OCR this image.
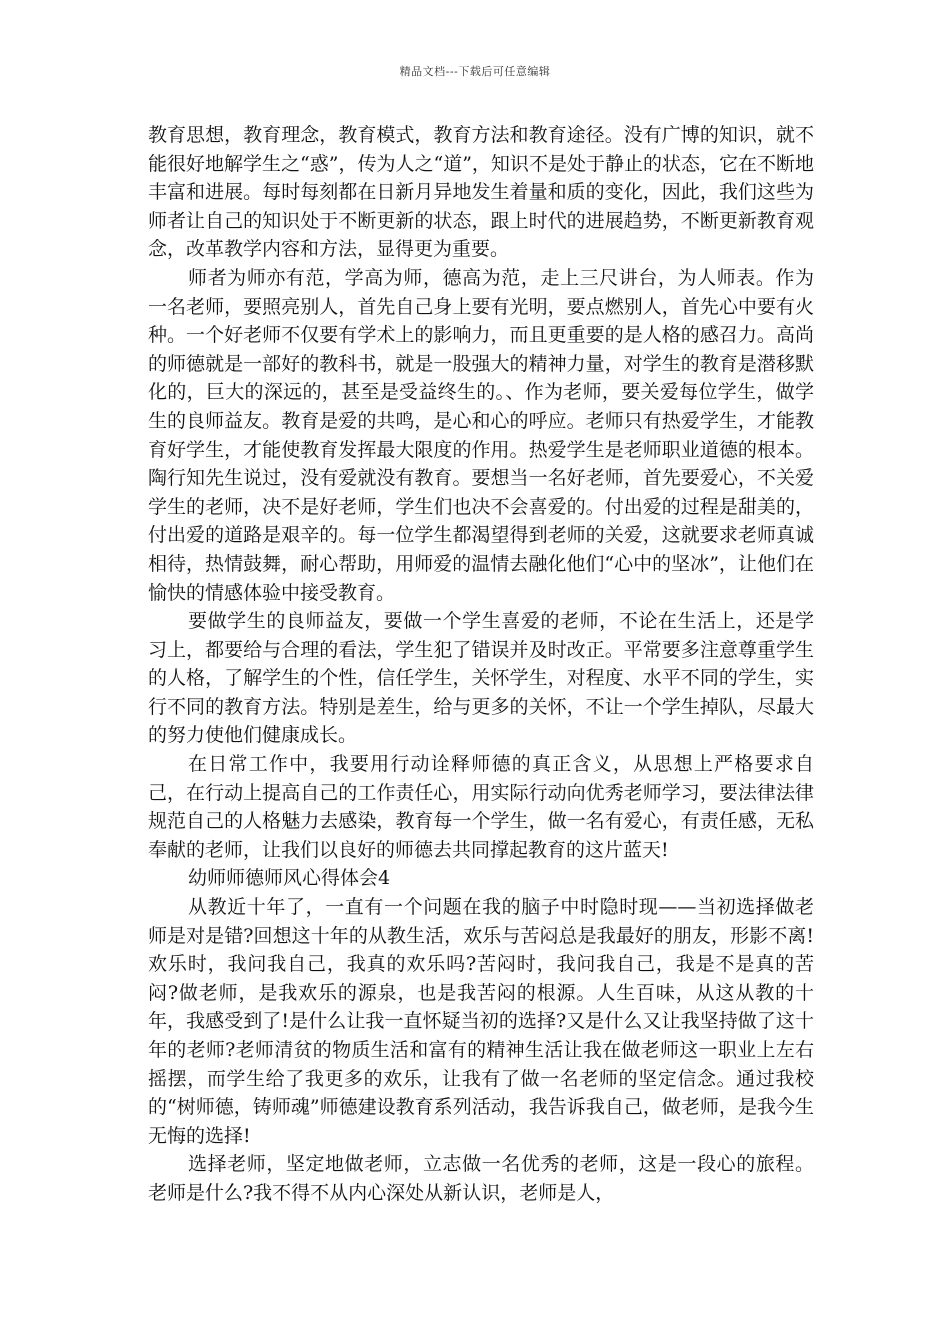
精品文档---下载后可任意编辑

教育思想，教育理念，教育模式，教育方法和教育途径。没有广博的知识，就不能很好地解学生之“惑”，传为人之“道”，知识不是处于静止的状态，它在不断地丰富和进展。每时每刻都在日新月异地发生着量和质的变化，因此，我们这些为师者让自己的知识处于不断更新的状态，跟上时代的进展趋势，不断更新教育观念，改革教学内容和方法，显得更为重要。

师者为师亦有范，学高为师，德高为范，走上三尺讲台，为人师表。作为一名老师，要照亮别人，首先自己身上要有光明，要点燃别人，首先心中要有火种。一个好老师不仅要有学术上的影响力，而且更重要的是人格的感召力。高尚的师德就是一部好的教科书，就是一股强大的精神力量，对学生的教育是潜移默化的，巨大的深远的，甚至是受益终生的。、作为老师，要关爱每位学生，做学生的良师益友。教育是爱的共鸣，是心和心的呼应。老师只有热爱学生，才能教育好学生，才能使教育发挥最大限度的作用。热爱学生是老师职业道德的根本。陶行知先生说过，没有爱就没有教育。要想当一名好老师，首先要爱心，不关爱学生的老师，决不是好老师，学生们也决不会喜爱的。付出爱的过程是甜美的，付出爱的道路是艰辛的。每一位学生都渴望得到老师的关爱，这就要求老师真诚相待，热情鼓舞，耐心帮助，用师爱的温情去融化他们“心中的坚冰”，让他们在愉快的情感体验中接受教育。

要做学生的良师益友，要做一个学生喜爱的老师，不论在生活上，还是学习上，都要给与合理的看法，学生犯了错误并及时改正。平常要多注意尊重学生的人格，了解学生的个性，信任学生，关怀学生，对程度、水平不同的学生，实行不同的教育方法。特别是差生，给与更多的关怀，不让一个学生掉队，尽最大的努力使他们健康成长。

在日常工作中，我要用行动诠释师德的真正含义，从思想上严格要求自己，在行动上提高自己的工作责任心，用实际行动向优秀老师学习，要法律法律规范自己的人格魅力去感染，教育每一个学生，做一名有爱心，有责任感，无私奉献的老师，让我们以良好的师德去共同撑起教育的这片蓝天!

幼师师德师风心得体会4

从教近十年了，一直有一个问题在我的脑子中时隐时现——当初选择做老师是对是错?回想这十年的从教生活，欢乐与苦闷总是我最好的朋友，形影不离!欢乐时，我问我自己，我真的欢乐吗?苦闷时，我问我自己，我是不是真的苦闷?做老师，是我欢乐的源泉，也是我苦闷的根源。人生百味，从这从教的十年，我感受到了!是什么让我一直怀疑当初的选择?又是什么又让我坚持做了这十年的老师?老师清贫的物质生活和富有的精神生活让我在做老师这一职业上左右摇摆，而学生给了我更多的欢乐，让我有了做一名老师的坚定信念。通过我校的“树师德，铸师魂”师德建设教育系列活动，我告诉我自己，做老师，是我今生无悔的选择!

选择老师，坚定地做老师，立志做一名优秀的老师，这是一段心的旅程。老师是什么?我不得不从内心深处从新认识，老师是人，
